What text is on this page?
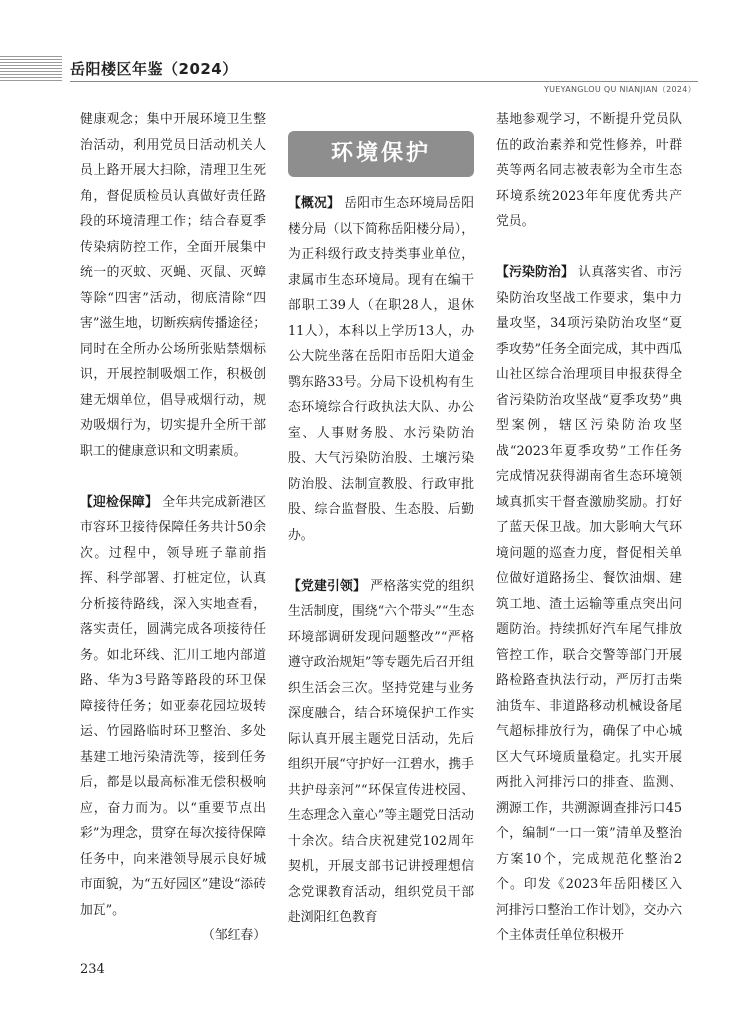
岳阳楼区年鉴（2024）
YUEYANGLOU QU NIANJIAN（2024）

健康观念；集中开展环境卫生整治活动，利用党员日活动机关人员上路开展大扫除，清理卫生死角，督促质检员认真做好责任路段的环境清理工作；结合春夏季传染病防控工作，全面开展集中统一的灭蚊、灭蝇、灭鼠、灭蟑等除“四害”活动，彻底清除“四害”滋生地，切断疾病传播途径；同时在全所办公场所张贴禁烟标识，开展控制吸烟工作，积极创建无烟单位，倡导戒烟行动，规劝吸烟行为，切实提升全所干部职工的健康意识和文明素质。

【迎检保障】 全年共完成新港区市容环卫接待保障任务共计50余次。过程中，领导班子靠前指挥、科学部署、打桩定位，认真分析接待路线，深入实地查看，落实责任，圆满完成各项接待任务。如北环线、汇川工地内部道路、华为3号路等路段的环卫保障接待任务；如亚泰花园垃圾转运、竹园路临时环卫整治、多处基建工地污染清洗等，接到任务后，都是以最高标准无偿积极响应，奋力而为。以“重要节点出彩”为理念，贯穿在每次接待保障任务中，向来港领导展示良好城市面貌，为“五好园区”建设“添砖加瓦”。

（邹红春）

环境保护

【概况】 岳阳市生态环境局岳阳楼分局（以下简称岳阳楼分局），为正科级行政支持类事业单位，隶属市生态环境局。现有在编干部职工39人（在职28人，退休11人），本科以上学历13人，办公大院坐落在岳阳市岳阳大道金鹗东路33号。分局下设机构有生态环境综合行政执法大队、办公室、人事财务股、水污染防治股、大气污染防治股、土壤污染防治股、法制宣教股、行政审批股、综合监督股、生态股、后勤办。

【党建引领】 严格落实党的组织生活制度，围绕“六个带头”“生态环境部调研发现问题整改”“严格遵守政治规矩”等专题先后召开组织生活会三次。坚持党建与业务深度融合，结合环境保护工作实际认真开展主题党日活动，先后组织开展“守护好一江碧水，携手共护母亲河”“环保宣传进校园、生态理念入童心”等主题党日活动十余次。结合庆祝建党102周年契机，开展支部书记讲授理想信念党课教育活动，组织党员干部赴浏阳红色教育

基地参观学习，不断提升党员队伍的政治素养和党性修养，叶群英等两名同志被表彰为全市生态环境系统2023年年度优秀共产党员。

【污染防治】 认真落实省、市污染防治攻坚战工作要求，集中力量攻坚，34项污染防治攻坚“夏季攻势”任务全面完成，其中西瓜山社区综合治理项目申报获得全省污染防治攻坚战“夏季攻势”典型案例，辖区污染防治攻坚战“2023年夏季攻势”工作任务完成情况获得湖南省生态环境领域真抓实干督查激励奖励。打好了蓝天保卫战。加大影响大气环境问题的巡查力度，督促相关单位做好道路扬尘、餐饮油烟、建筑工地、渣土运输等重点突出问题防治。持续抓好汽车尾气排放管控工作，联合交警等部门开展路检路查执法行动，严厉打击柴油货车、非道路移动机械设备尾气超标排放行为，确保了中心城区大气环境质量稳定。扎实开展两批入河排污口的排查、监测、溯源工作，共溯源调查排污口45个，编制“一口一策”清单及整治方案10个，完成规范化整治2个。印发《2023年岳阳楼区入河排污口整治工作计划》，交办六个主体责任单位积极开

234
